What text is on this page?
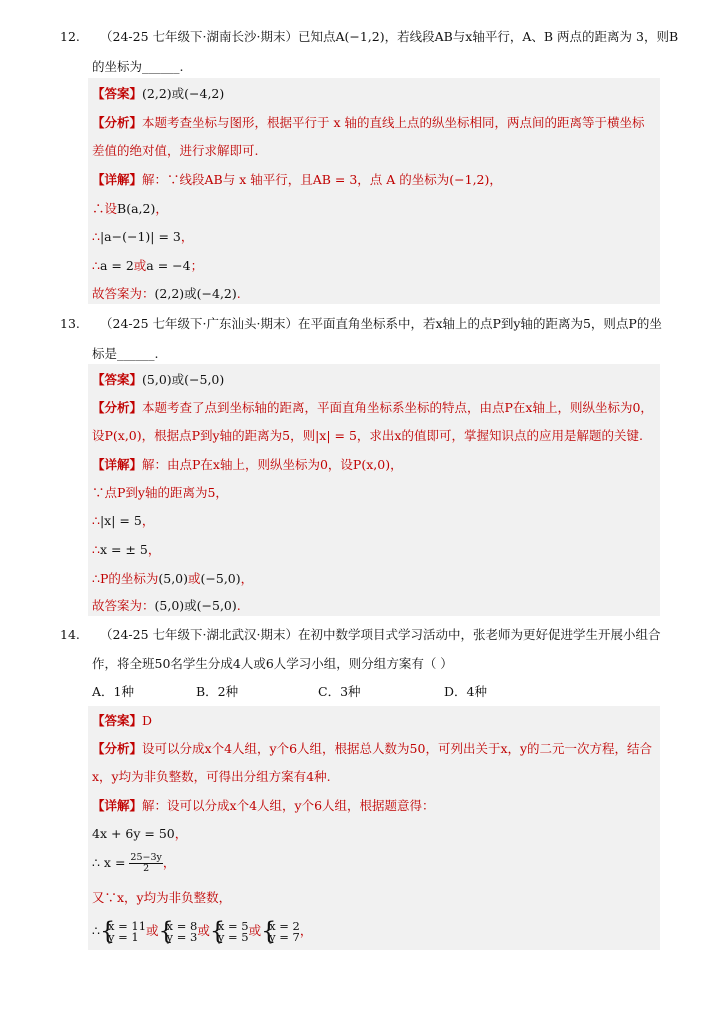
12. （24-25 七年级下·湖南长沙·期末）已知点A(−1,2)，若线段AB与x轴平行，A、B 两点的距离为 3，则B
的坐标为______.
【答案】(2,2)或(−4,2)
【分析】本题考查坐标与图形，根据平行于 x 轴的直线上点的纵坐标相同，两点间的距离等于横坐标
差值的绝对值，进行求解即可.
【详解】解：∵线段AB与 x 轴平行，且AB = 3，点 A 的坐标为(−1,2)，
∴设B(a,2)，
∴|a−(−1)| = 3，
∴a = 2或a = −4；
故答案为：(2,2)或(−4,2).
13. （24-25 七年级下·广东汕头·期末）在平面直角坐标系中，若x轴上的点P到y轴的距离为5，则点P的坐
标是______.
【答案】(5,0)或(−5,0)
【分析】本题考查了点到坐标轴的距离，平面直角坐标系坐标的特点，由点P在x轴上，则纵坐标为0，
设P(x,0)，根据点P到y轴的距离为5，则|x| = 5，求出x的值即可，掌握知识点的应用是解题的关键.
【详解】解：由点P在x轴上，则纵坐标为0，设P(x,0)，
∵点P到y轴的距离为5，
∴|x| = 5，
∴x = ± 5，
∴P的坐标为(5,0)或(−5,0)，
故答案为：(5,0)或(−5,0).
14. （24-25 七年级下·湖北武汉·期末）在初中数学项目式学习活动中，张老师为更好促进学生开展小组合
作，将全班50名学生分成4人或6人学习小组，则分组方案有（ ）
A．1种	B．2种	C．3种	D．4种
【答案】D
【分析】设可以分成x个4人组，y个6人组，根据总人数为50，可列出关于x，y的二元一次方程，结合
x，y均为非负整数，可得出分组方案有4种.
【详解】解：设可以分成x个4人组，y个6人组，根据题意得：
4x + 6y = 50，
∴ $x = \frac{25-3y}{2}$ ，
又∵x，y均为非负整数，
∴ {
x = 11
y = 1 或 {
x = 8
y = 3 或 {
x = 5
y = 5 或 {
x = 2
y = 7 ，
